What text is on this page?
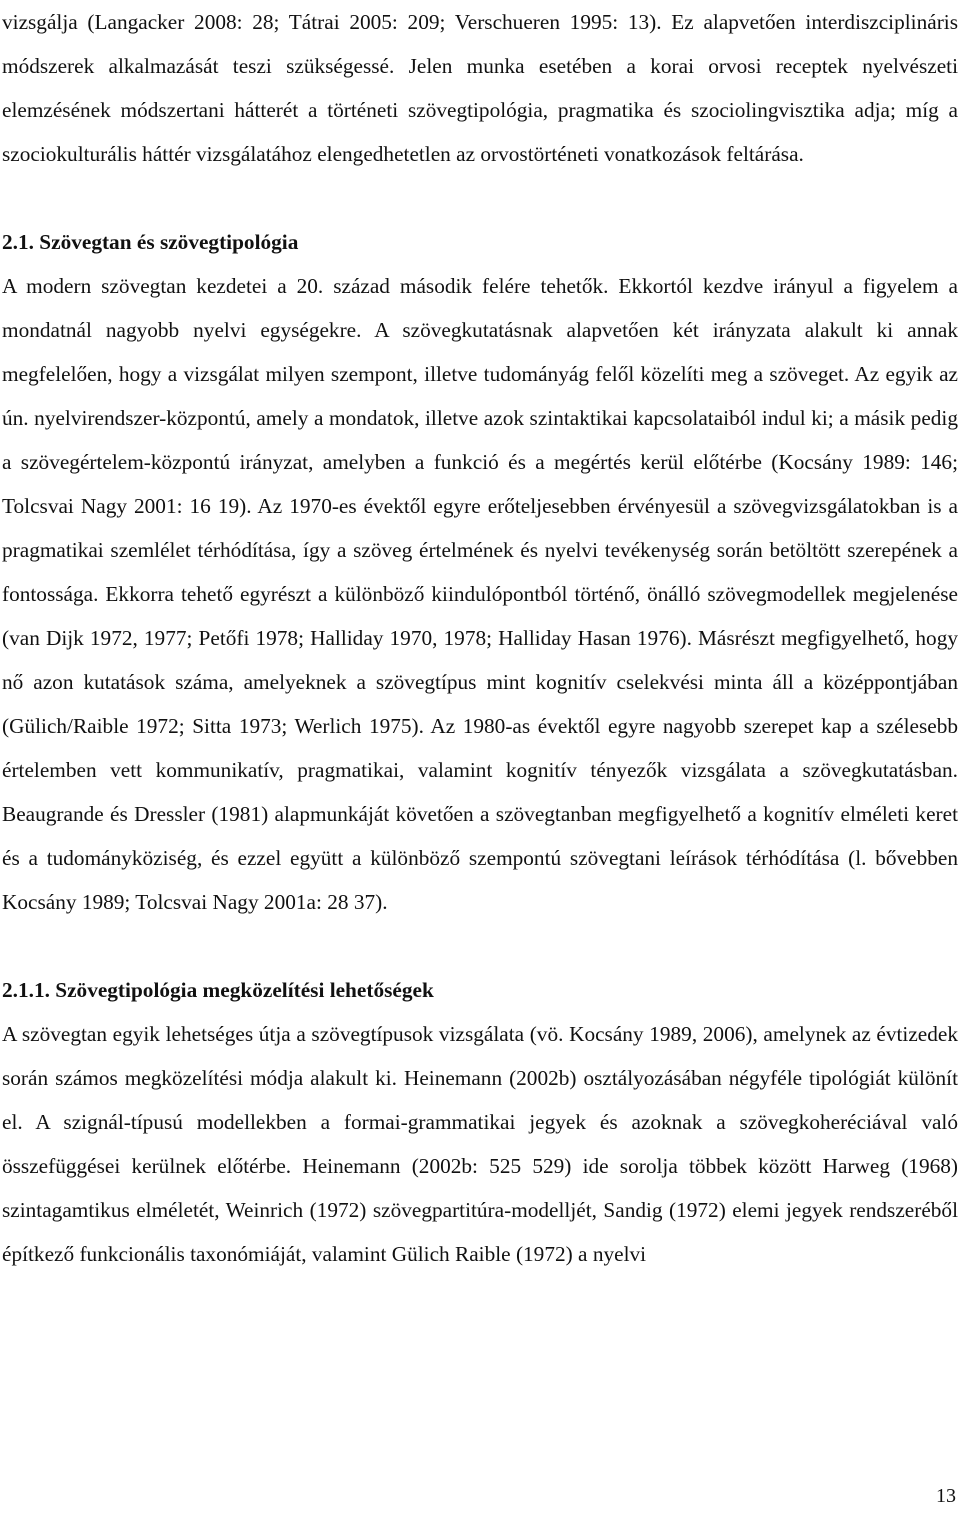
vizsgálja (Langacker 2008: 28; Tátrai 2005: 209; Verschueren 1995: 13). Ez alapvetően interdiszciplináris módszerek alkalmazását teszi szükségessé. Jelen munka esetében a korai orvosi receptek nyelvészeti elemzésének módszertani hátterét a történeti szövegtipológia, pragmatika és szociolingvisztika adja; míg a szociokulturális háttér vizsgálatához elengedhetetlen az orvostörténeti vonatkozások feltárása.

2.1. Szövegtan és szövegtipológia

A modern szövegtan kezdetei a 20. század második felére tehetők. Ekkortól kezdve irányul a figyelem a mondatnál nagyobb nyelvi egységekre. A szövegkutatásnak alapvetően két irányzata alakult ki annak megfelelően, hogy a vizsgálat milyen szempont, illetve tudományág felől közelíti meg a szöveget. Az egyik az ún. nyelvirendszer-központú, amely a mondatok, illetve azok szintaktikai kapcsolataiból indul ki; a másik pedig a szövegértelem-központú irányzat, amelyben a funkció és a megértés kerül előtérbe (Kocsány 1989: 146; Tolcsvai Nagy 2001: 16 19). Az 1970-es évektől egyre erőteljesebben érvényesül a szövegvizsgálatokban is a pragmatikai szemlélet térhódítása, így a szöveg értelmének és nyelvi tevékenység során betöltött szerepének a fontossága. Ekkorra tehető egyrészt a különböző kiindulópontból történő, önálló szövegmodellek megjelenése (van Dijk 1972, 1977; Petőfi 1978; Halliday 1970, 1978; Halliday Hasan 1976). Másrészt megfigyelhető, hogy nő azon kutatások száma, amelyeknek a szövegtípus mint kognitív cselekvési minta áll a középpontjában (Gülich/Raible 1972; Sitta 1973; Werlich 1975). Az 1980-as évektől egyre nagyobb szerepet kap a szélesebb értelemben vett kommunikatív, pragmatikai, valamint kognitív tényezők vizsgálata a szövegkutatásban. Beaugrande és Dressler (1981) alapmunkáját követően a szövegtanban megfigyelhető a kognitív elméleti keret és a tudományköziség, és ezzel együtt a különböző szempontú szövegtani leírások térhódítása (l. bővebben Kocsány 1989; Tolcsvai Nagy 2001a: 28 37).

2.1.1. Szövegtipológia megközelítési lehetőségek

A szövegtan egyik lehetséges útja a szövegtípusok vizsgálata (vö. Kocsány 1989, 2006), amelynek az évtizedek során számos megközelítési módja alakult ki. Heinemann (2002b) osztályozásában négyféle tipológiát különít el. A szignál-típusú modellekben a formai-grammatikai jegyek és azoknak a szövegkoheréciával való összefüggései kerülnek előtérbe. Heinemann (2002b: 525 529) ide sorolja többek között Harweg (1968) szintagamtikus elméletét, Weinrich (1972) szövegpartitúra-modelljét, Sandig (1972) elemi jegyek rendszeréből építkező funkcionális taxonómiáját, valamint Gülich Raible (1972) a nyelvi

13
